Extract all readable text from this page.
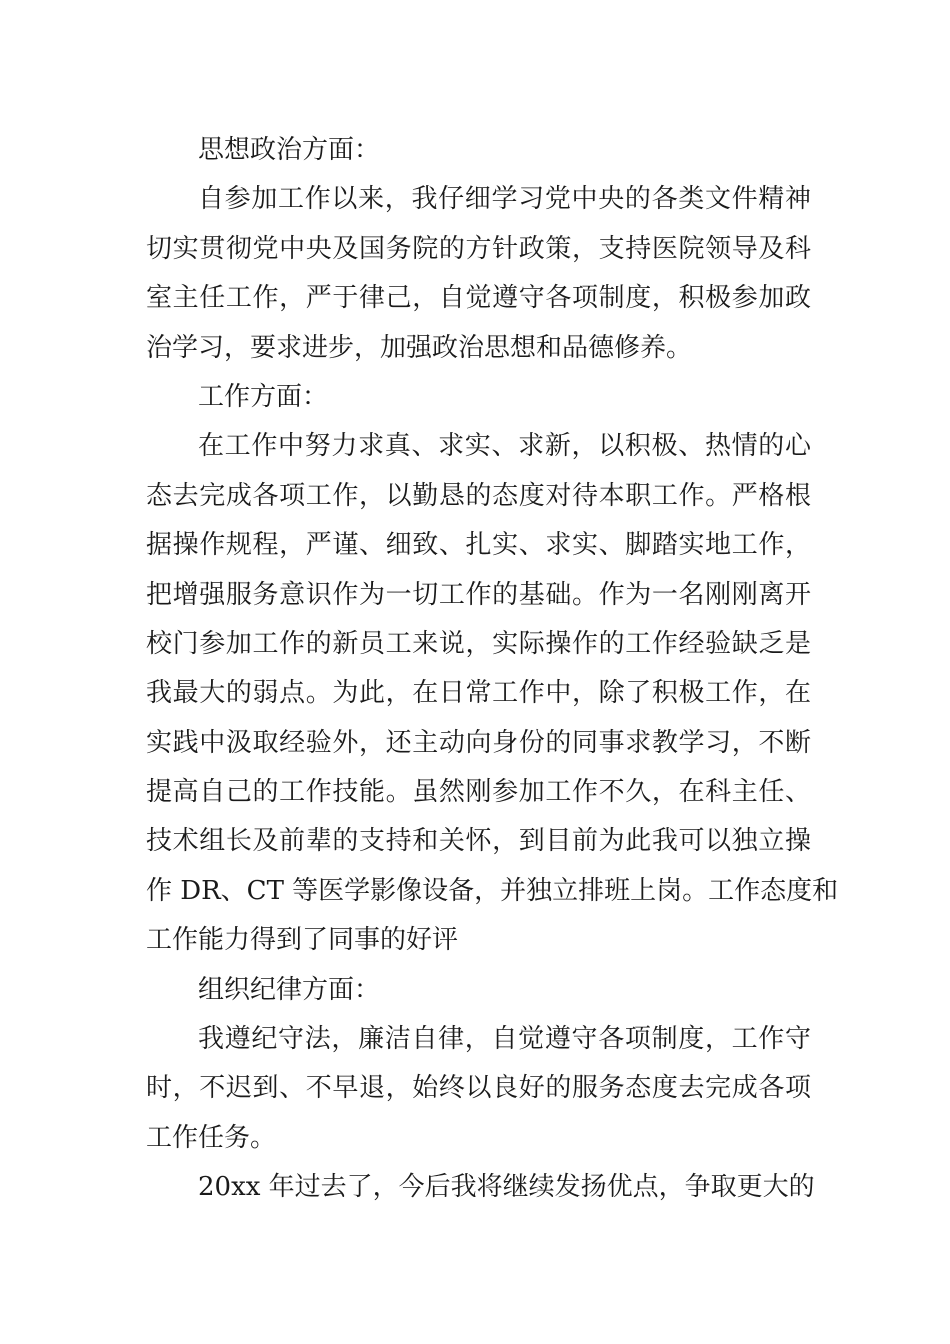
思想政治方面：
自参加工作以来，我仔细学习党中央的各类文件精神
切实贯彻党中央及国务院的方针政策，支持医院领导及科
室主任工作，严于律己，自觉遵守各项制度，积极参加政
治学习，要求进步，加强政治思想和品德修养。
工作方面：
在工作中努力求真、求实、求新，以积极、热情的心
态去完成各项工作，以勤恳的态度对待本职工作。严格根
据操作规程，严谨、细致、扎实、求实、脚踏实地工作，
把增强服务意识作为一切工作的基础。作为一名刚刚离开
校门参加工作的新员工来说，实际操作的工作经验缺乏是
我最大的弱点。为此，在日常工作中，除了积极工作，在
实践中汲取经验外，还主动向身份的同事求教学习，不断
提高自己的工作技能。虽然刚参加工作不久，在科主任、
技术组长及前辈的支持和关怀，到目前为此我可以独立操
作 DR、CT 等医学影像设备，并独立排班上岗。工作态度和
工作能力得到了同事的好评
组织纪律方面：
我遵纪守法，廉洁自律，自觉遵守各项制度，工作守
时，不迟到、不早退，始终以良好的服务态度去完成各项
工作任务。
20xx 年过去了，今后我将继续发扬优点，争取更大的
